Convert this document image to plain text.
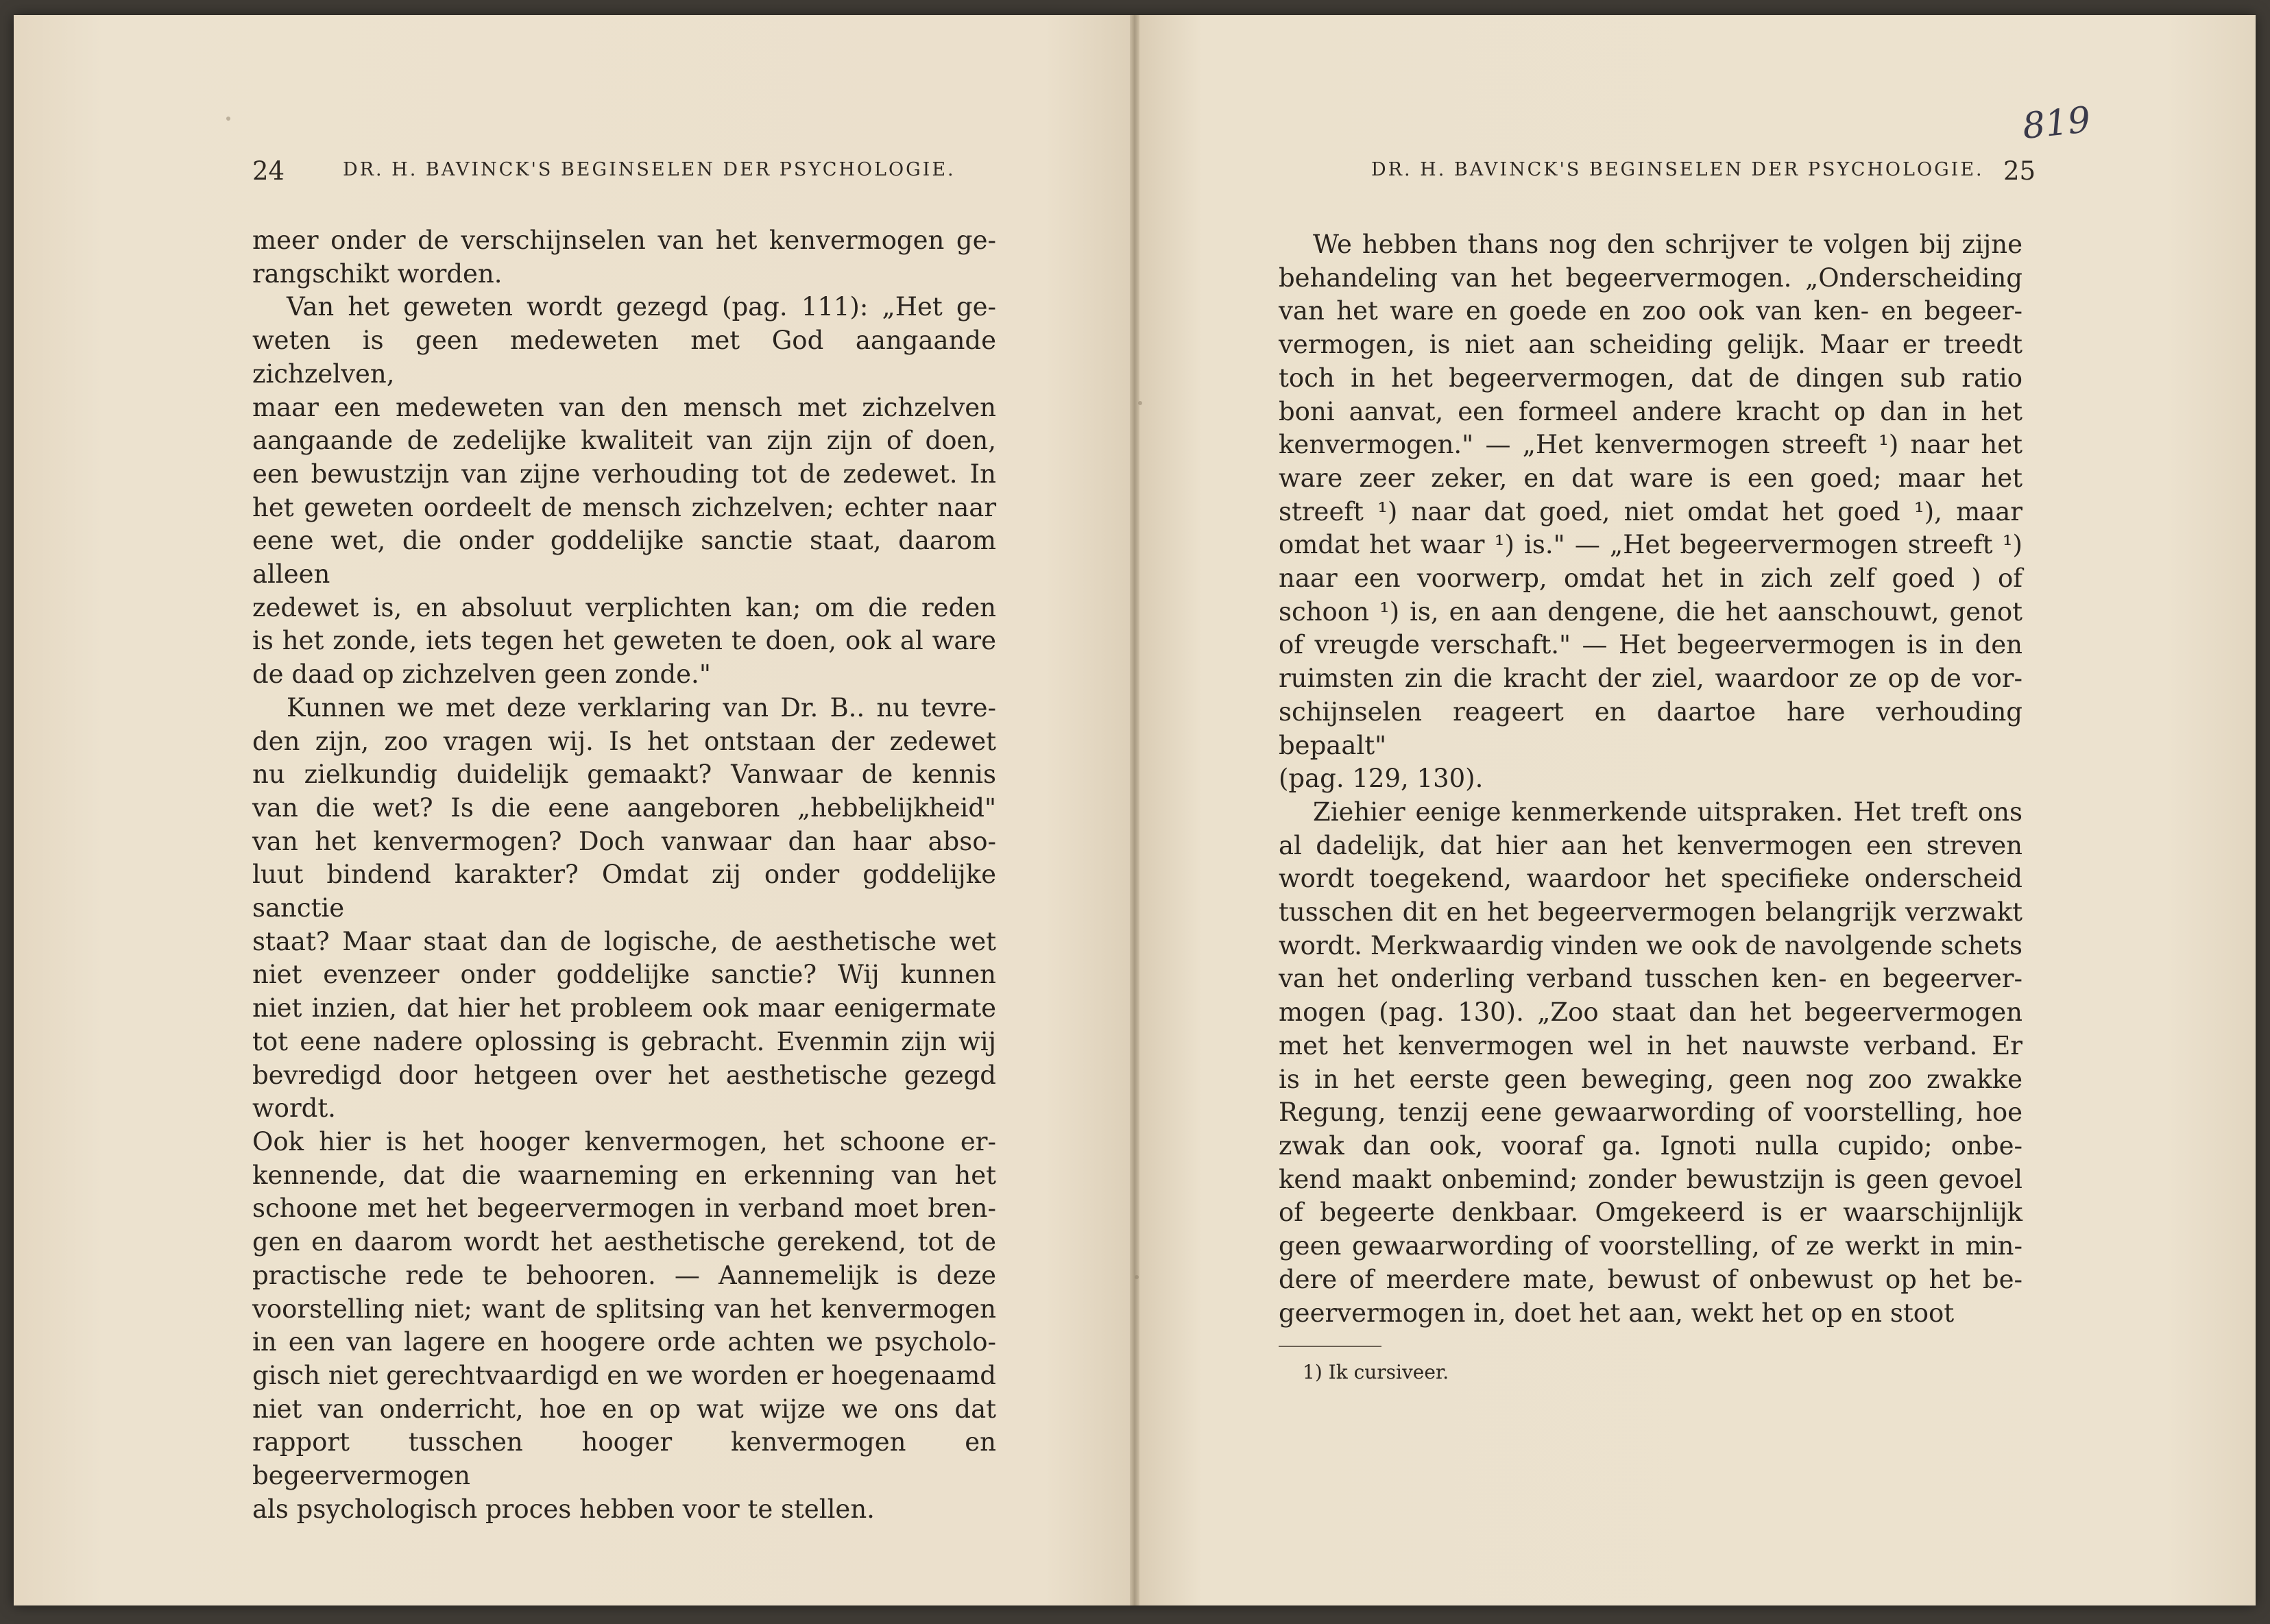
24	DR. H. BAVINCK'S BEGINSELEN DER PSYCHOLOGIE.	25
DR. H. BAVINCK'S BEGINSELEN DER PSYCHOLOGIE.
819

meer onder de verschijnselen van het kenvermogen ge-

rangschikt worden.

Van het geweten wordt gezegd (pag. 111): „Het ge-

weten is geen medeweten met God aangaande zichzelven,

maar een medeweten van den mensch met zichzelven

aangaande de zedelijke kwaliteit van zijn zijn of doen,

een bewustzijn van zijne verhouding tot de zedewet. In

het geweten oordeelt de mensch zichzelven; echter naar

eene wet, die onder goddelijke sanctie staat, daarom alleen

zedewet is, en absoluut verplichten kan; om die reden

is het zonde, iets tegen het geweten te doen, ook al ware

de daad op zichzelven geen zonde."

Kunnen we met deze verklaring van Dr. B.. nu tevre-

den zijn, zoo vragen wij. Is het ontstaan der zedewet

nu zielkundig duidelijk gemaakt? Vanwaar de kennis

van die wet? Is die eene aangeboren „hebbelijkheid"

van het kenvermogen? Doch vanwaar dan haar abso-

luut bindend karakter? Omdat zij onder goddelijke sanctie

staat? Maar staat dan de logische, de aesthetische wet

niet evenzeer onder goddelijke sanctie? Wij kunnen

niet inzien, dat hier het probleem ook maar eenigermate

tot eene nadere oplossing is gebracht. Evenmin zijn wij

bevredigd door hetgeen over het aesthetische gezegd wordt.

Ook hier is het hooger kenvermogen, het schoone er-

kennende, dat die waarneming en erkenning van het

schoone met het begeervermogen in verband moet bren-

gen en daarom wordt het aesthetische gerekend, tot de

practische rede te behooren. — Aannemelijk is deze

voorstelling niet; want de splitsing van het kenvermogen

in een van lagere en hoogere orde achten we psycholo-

gisch niet gerechtvaardigd en we worden er hoegenaamd

niet van onderricht, hoe en op wat wijze we ons dat

rapport tusschen hooger kenvermogen en begeervermogen

als psychologisch proces hebben voor te stellen.

We hebben thans nog den schrijver te volgen bij zijne

behandeling van het begeervermogen. „Onderscheiding

van het ware en goede en zoo ook van ken- en begeer-

vermogen, is niet aan scheiding gelijk. Maar er treedt

toch in het begeervermogen, dat de dingen sub ratio

boni aanvat, een formeel andere kracht op dan in het

kenvermogen." — „Het kenvermogen streeft ¹) naar het

ware zeer zeker, en dat ware is een goed; maar het

streeft ¹) naar dat goed, niet omdat het goed ¹), maar

omdat het waar ¹) is." — „Het begeervermogen streeft ¹)

naar een voorwerp, omdat het in zich zelf goed ) of

schoon ¹) is, en aan dengene, die het aanschouwt, genot

of vreugde verschaft." — Het begeervermogen is in den

ruimsten zin die kracht der ziel, waardoor ze op de vor-

schijnselen reageert en daartoe hare verhouding bepaalt"

(pag. 129, 130).

Ziehier eenige kenmerkende uitspraken. Het treft ons

al dadelijk, dat hier aan het kenvermogen een streven

wordt toegekend, waardoor het specifieke onderscheid

tusschen dit en het begeervermogen belangrijk verzwakt

wordt. Merkwaardig vinden we ook de navolgende schets

van het onderling verband tusschen ken- en begeerver-

mogen (pag. 130). „Zoo staat dan het begeervermogen

met het kenvermogen wel in het nauwste verband. Er

is in het eerste geen beweging, geen nog zoo zwakke

Regung, tenzij eene gewaarwording of voorstelling, hoe

zwak dan ook, vooraf ga. Ignoti nulla cupido; onbe-

kend maakt onbemind; zonder bewustzijn is geen gevoel

of begeerte denkbaar. Omgekeerd is er waarschijnlijk

geen gewaarwording of voorstelling, of ze werkt in min-

dere of meerdere mate, bewust of onbewust op het be-

geervermogen in, doet het aan, wekt het op en stoot

1) Ik cursiveer.
